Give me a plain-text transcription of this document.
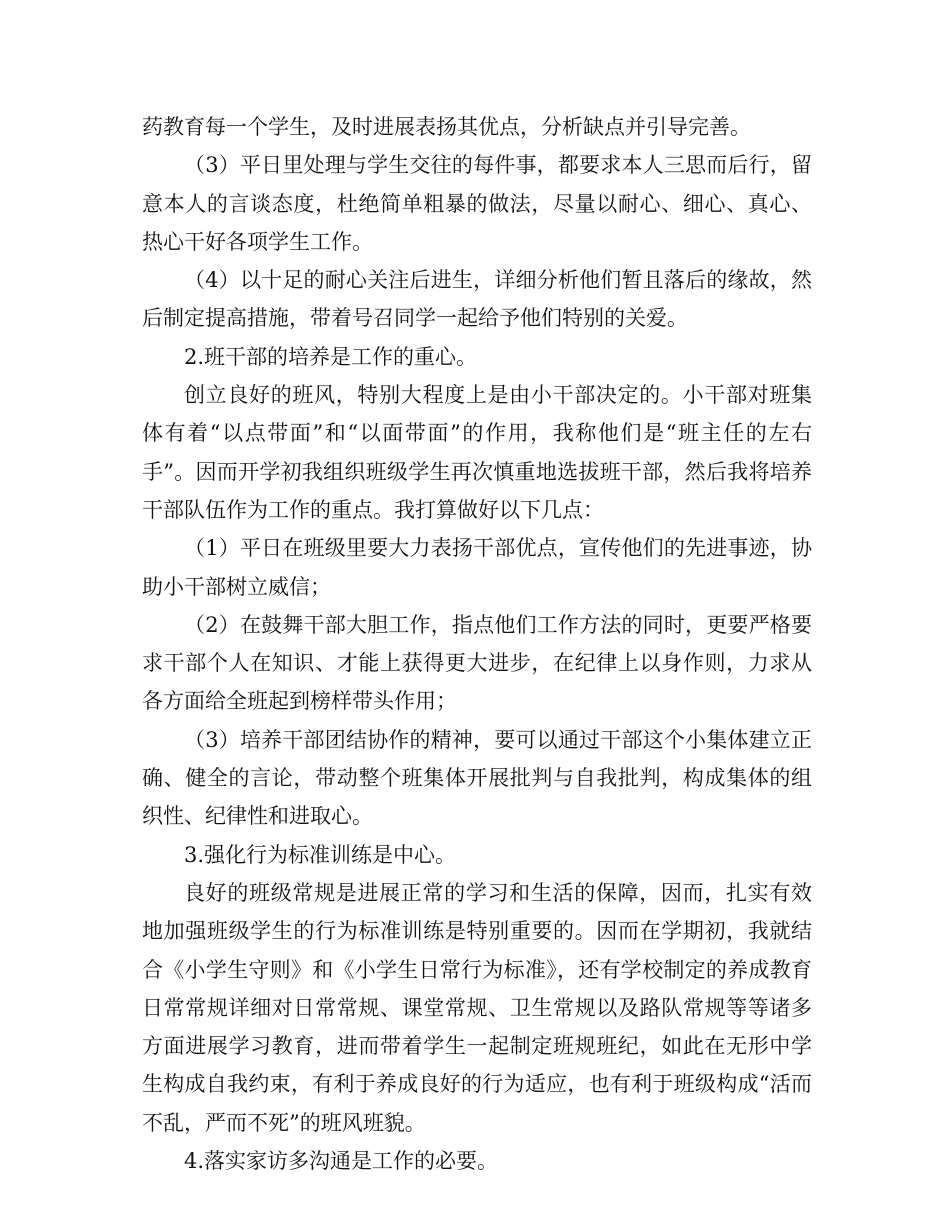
药教育每一个学生，及时进展表扬其优点，分析缺点并引导完善。

（3）平日里处理与学生交往的每件事，都要求本人三思而后行，留意本人的言谈态度，杜绝简单粗暴的做法，尽量以耐心、细心、真心、热心干好各项学生工作。

（4）以十足的耐心关注后进生，详细分析他们暂且落后的缘故，然后制定提高措施，带着号召同学一起给予他们特别的关爱。

2.班干部的培养是工作的重心。

创立良好的班风，特别大程度上是由小干部决定的。小干部对班集体有着“以点带面”和“以面带面”的作用，我称他们是“班主任的左右手”。因而开学初我组织班级学生再次慎重地选拔班干部，然后我将培养干部队伍作为工作的重点。我打算做好以下几点：

（1）平日在班级里要大力表扬干部优点，宣传他们的先进事迹，协助小干部树立威信；

（2）在鼓舞干部大胆工作，指点他们工作方法的同时，更要严格要求干部个人在知识、才能上获得更大进步，在纪律上以身作则，力求从各方面给全班起到榜样带头作用；

（3）培养干部团结协作的精神，要可以通过干部这个小集体建立正确、健全的言论，带动整个班集体开展批判与自我批判，构成集体的组织性、纪律性和进取心。

3.强化行为标准训练是中心。

良好的班级常规是进展正常的学习和生活的保障，因而，扎实有效地加强班级学生的行为标准训练是特别重要的。因而在学期初，我就结合《小学生守则》和《小学生日常行为标准》，还有学校制定的养成教育日常常规详细对日常常规、课堂常规、卫生常规以及路队常规等等诸多方面进展学习教育，进而带着学生一起制定班规班纪，如此在无形中学生构成自我约束，有利于养成良好的行为适应，也有利于班级构成“活而不乱，严而不死”的班风班貌。

4.落实家访多沟通是工作的必要。
